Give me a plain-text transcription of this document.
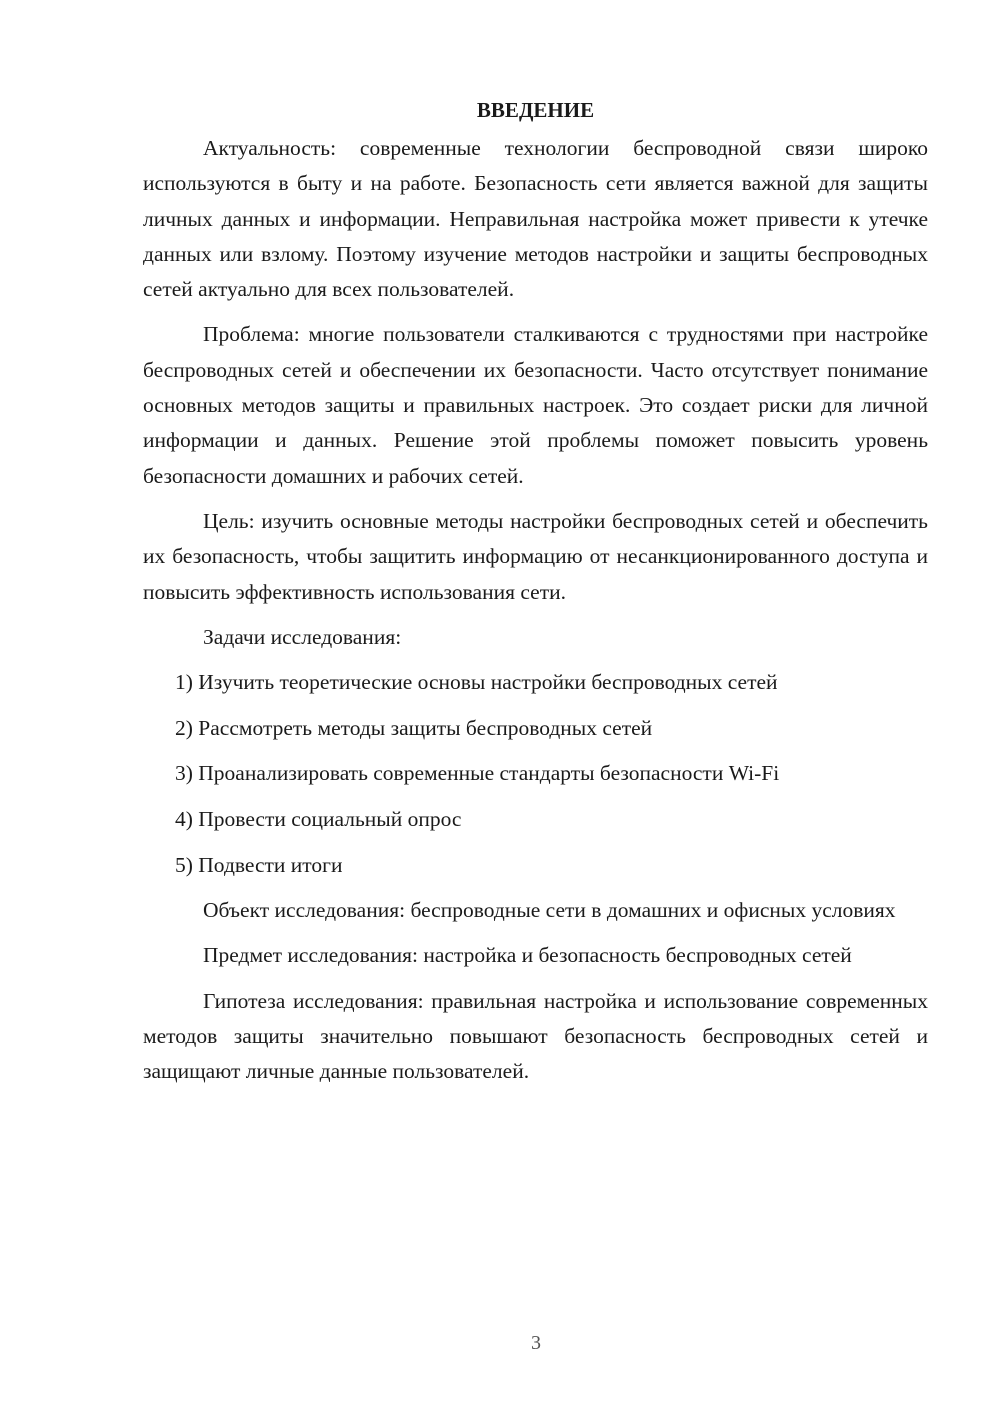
ВВЕДЕНИЕ

Актуальность: современные технологии беспроводной связи широко используются в быту и на работе. Безопасность сети является важной для защиты личных данных и информации. Неправильная настройка может привести к утечке данных или взлому. Поэтому изучение методов настройки и защиты беспроводных сетей актуально для всех пользователей.

Проблема: многие пользователи сталкиваются с трудностями при настройке беспроводных сетей и обеспечении их безопасности. Часто отсутствует понимание основных методов защиты и правильных настроек. Это создает риски для личной информации и данных. Решение этой проблемы поможет повысить уровень безопасности домашних и рабочих сетей.

Цель: изучить основные методы настройки беспроводных сетей и обеспечить их безопасность, чтобы защитить информацию от несанкционированного доступа и повысить эффективность использования сети.

Задачи исследования:

1) Изучить теоретические основы настройки беспроводных сетей
2) Рассмотреть методы защиты беспроводных сетей
3) Проанализировать современные стандарты безопасности Wi-Fi
4) Провести социальный опрос
5) Подвести итоги

Объект исследования: беспроводные сети в домашних и офисных условиях

Предмет исследования: настройка и безопасность беспроводных сетей

Гипотеза исследования: правильная настройка и использование современных методов защиты значительно повышают безопасность беспроводных сетей и защищают личные данные пользователей.

3
